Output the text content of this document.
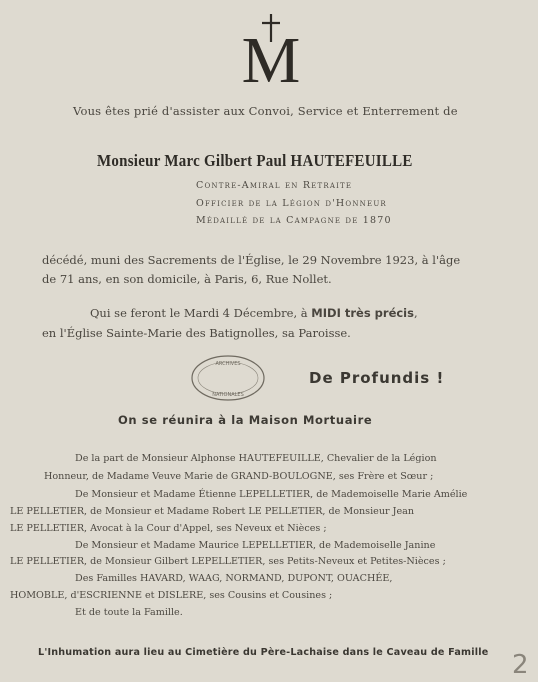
M
Vous êtes prié d'assister aux Convoi, Service et Enterrement de
Monsieur Marc Gilbert Paul HAUTEFEUILLE
Contre-Amiral en Retraite
Officier de la Légion d'Honneur
Médaillé de la Campagne de 1870
décédé, muni des Sacrements de l'Église, le 29 Novembre 1923, à l'âge
de 71 ans, en son domicile, à Paris, 6, Rue Nollet.
Qui se feront le Mardi 4 Décembre, à MIDI très précis,
en l'Église Sainte-Marie des Batignolles, sa Paroisse.
ARCHIVES
NATIONALES
De Profundis !
On se réunira à la Maison Mortuaire
De la part de Monsieur Alphonse HAUTEFEUILLE, Chevalier de la Légion
Honneur, de Madame Veuve Marie de GRAND-BOULOGNE, ses Frère et Sœur ;
De Monsieur et Madame Étienne LEPELLETIER, de Mademoiselle Marie Amélie
LE PELLETIER, de Monsieur et Madame Robert LE PELLETIER, de Monsieur Jean
LE PELLETIER, Avocat à la Cour d'Appel, ses Neveux et Nièces ;
De Monsieur et Madame Maurice LEPELLETIER, de Mademoiselle Janine
LE PELLETIER, de Monsieur Gilbert LEPELLETIER, ses Petits-Neveux et Petites-Nièces ;
Des Familles HAVARD, WAAG, NORMAND, DUPONT, OUACHÉE,
HOMOBLE, d'ESCRIENNE et DISLERE, ses Cousins et Cousines ;
Et de toute la Famille.
L'Inhumation aura lieu au Cimetière du Père-Lachaise dans le Caveau de Famille 2
